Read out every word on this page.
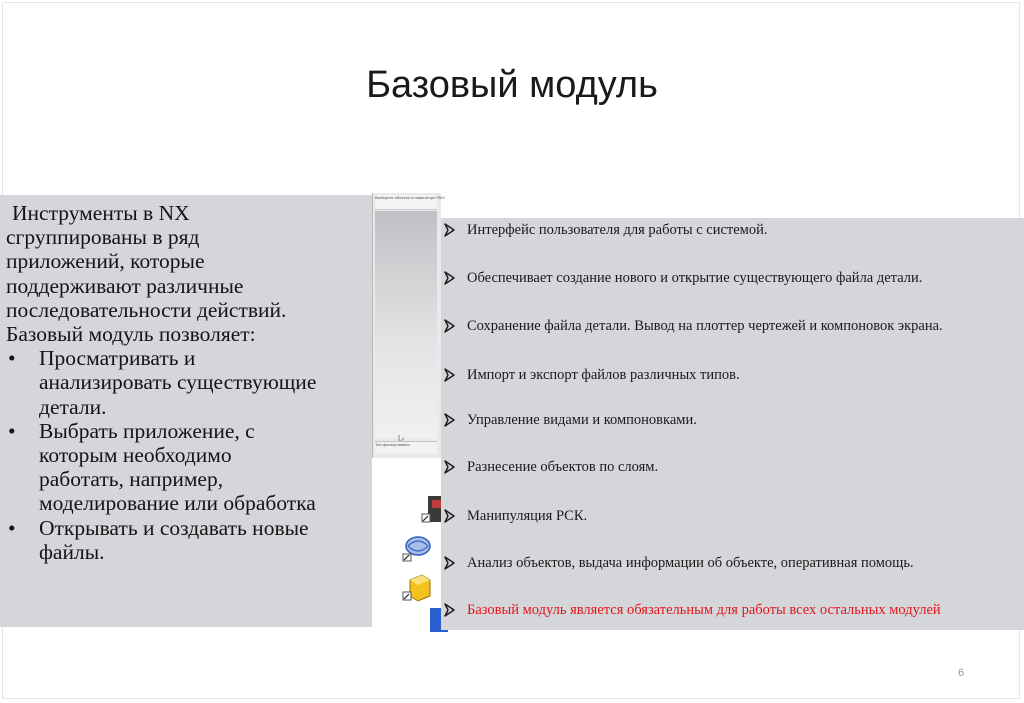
Базовый модуль
Инструменты в NX
сгруппированы в ряд
приложений, которые
поддерживают различные
последовательности действий.
Базовый модуль позволяет:
• Просматривать и
анализировать существующие
детали.
• Выбрать приложение, с
которым необходимо
работать, например,
моделирование или обработка
• Открывать и создавать новые
файлы.
Выберите объекты в навигаторе РМЗ
Тип фильтрования
Интерфейс пользователя для работы с системой.
Обеспечивает создание нового и открытие существующего файла детали.
Сохранение файла детали. Вывод на плоттер чертежей и компоновок экрана.
Импорт и экспорт файлов различных типов.
Управление видами и компоновками.
Разнесение объектов по слоям.
Манипуляция РСК.
Анализ объектов, выдача информации об объекте, оперативная помощь.
Базовый модуль является обязательным для работы всех остальных модулей
6
